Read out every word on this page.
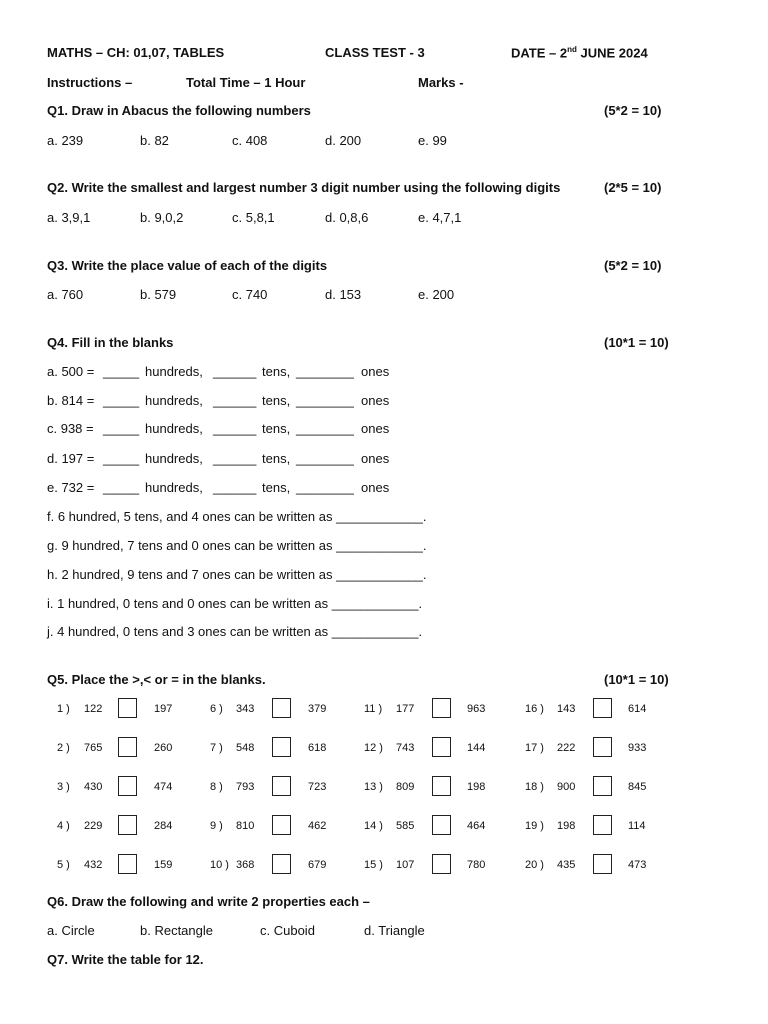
MATHS – CH: 01,07, TABLES	CLASS TEST - 3	DATE – 2nd JUNE 2024
Instructions –	Total Time – 1 Hour	Marks -
Q1. Draw in Abacus the following numbers	(5*2 = 10)
a. 239	b. 82	c. 408	d. 200	e. 99
Q2. Write the smallest and largest number 3 digit number using the following digits	(2*5 = 10)
a. 3,9,1	b. 9,0,2	c. 5,8,1	d. 0,8,6	e. 4,7,1
Q3. Write the place value of each of the digits	(5*2 = 10)
a. 760	b. 579	c. 740	d. 153	e. 200
Q4. Fill in the blanks	(10*1 = 10)
a. 500 = _____ hundreds, ______ tens, ________ ones
b. 814 = _____ hundreds, ______ tens, ________ ones
c. 938 = _____ hundreds, ______ tens, ________ ones
d. 197 = _____ hundreds, ______ tens, ________ ones
e. 732 = _____ hundreds, ______ tens, ________ ones
f. 6 hundred, 5 tens, and 4 ones can be written as ____________.
g. 9 hundred, 7 tens and 0 ones can be written as ____________.
h. 2 hundred, 9 tens and 7 ones can be written as ____________.
i. 1 hundred, 0 tens and 0 ones can be written as ____________.
j. 4 hundred, 0 tens and 3 ones can be written as ____________.
Q5. Place the >,< or = in the blanks.	(10*1 = 10)
1 ) 122	197
2 ) 765	260
3 ) 430	474
4 ) 229	284
5 ) 432	159
6 ) 343	379
7 ) 548	618
8 ) 793	723
9 ) 810	462
10 ) 368	679
11 ) 177	963
12 ) 743	144
13 ) 809	198
14 ) 585	464
15 ) 107	780
16 ) 143	614
17 ) 222	933
18 ) 900	845
19 ) 198	114
20 ) 435	473
Q6. Draw the following and write 2 properties each –
a. Circle	b. Rectangle	c. Cuboid	d. Triangle
Q7. Write the table for 12.
